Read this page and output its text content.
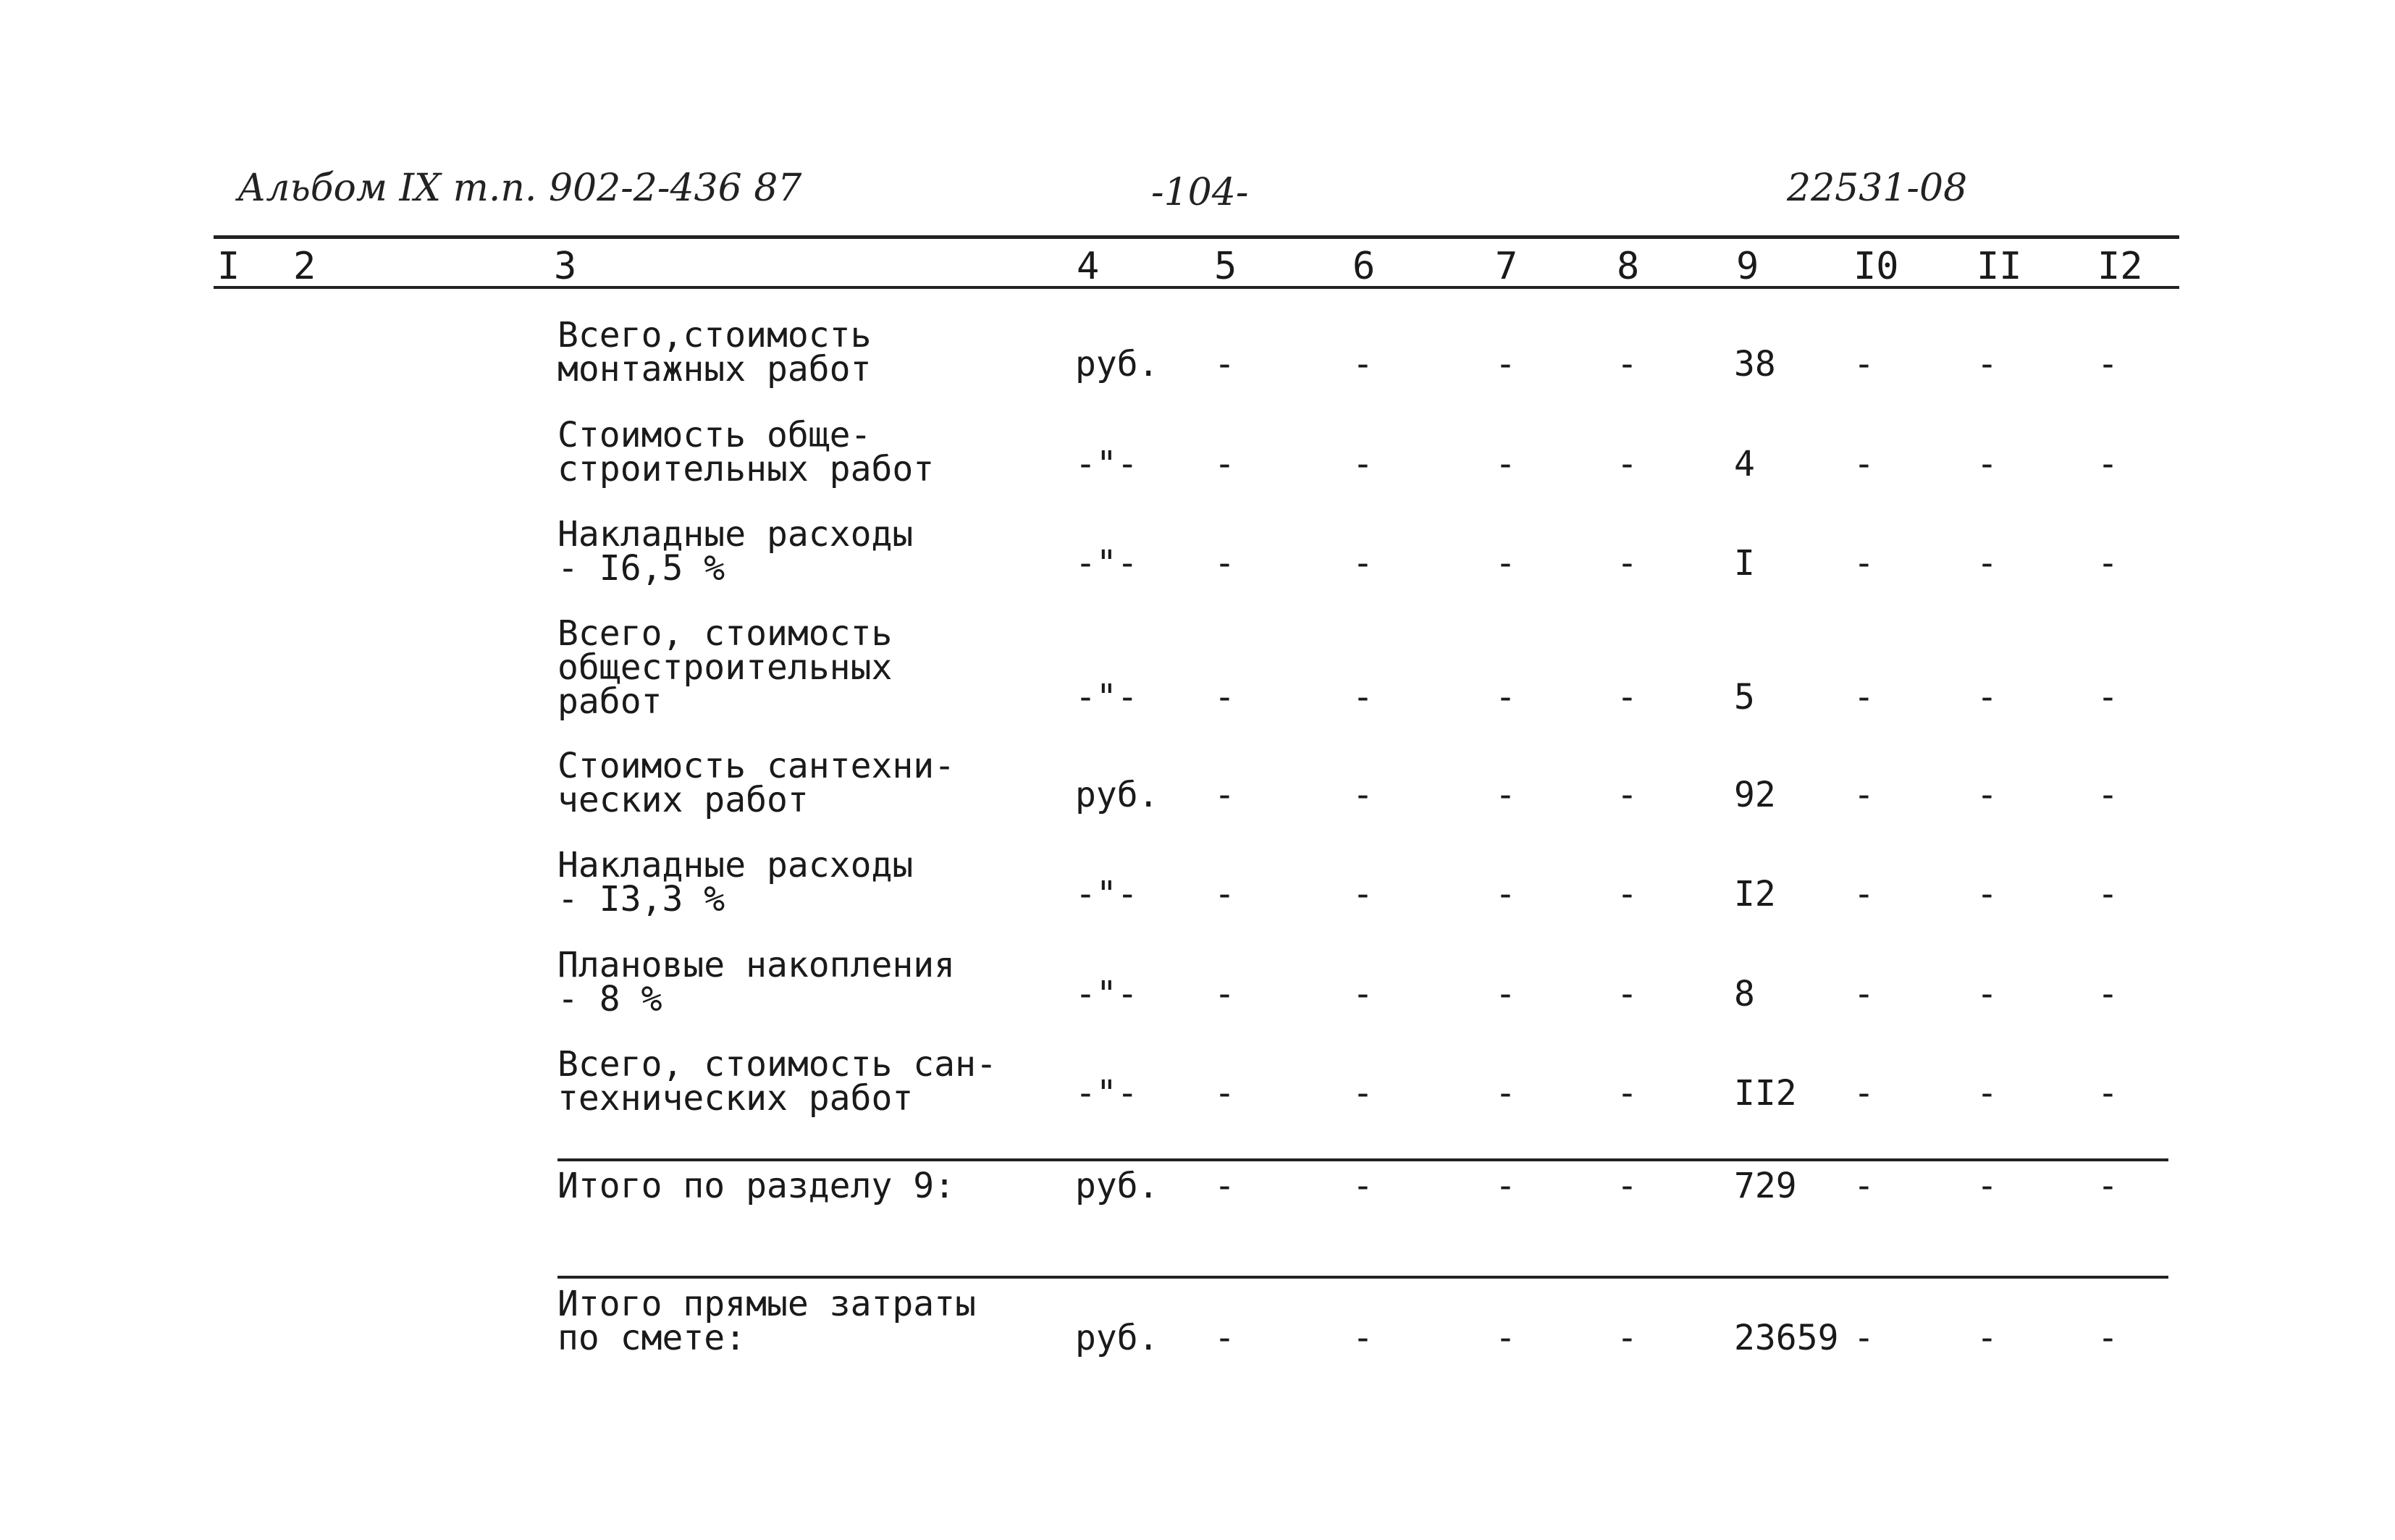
Альбом IX т.п. 902-2-436 87	-104-	22531-08
I 2	3	4	5	6	7	8	9	I0 II I2
Всего,стоимость
монтажных работ	руб. -	-	-	-	38 -	-	-
Стоимость обще-
строительных работ	-"- -	-	-	-	4	-	-	-
Накладные расходы
- I6,5 %	-"- -	-	-	-	I	-	-	-
Всего, стоимость
общестроительных
работ	-"- -	-	-	-	5	-	-	-
Стоимость сантехни-
ческих работ	руб. -	-	-	-	92 -	-	-
Накладные расходы
- I3,3 %	-"- -	-	-	-	I2 -	-	-
Плановые накопления
- 8 %	-"- -	-	-	-	8	-	-	-
Всего, стоимость сан-
технических работ	-"- -	-	-	-	II2 -	-	-
Итого по разделу 9:	руб. -	-	-	-	729 -	-	-
Итого прямые затраты
по смете:	руб. -	-	-	-	23659 -	-	-
